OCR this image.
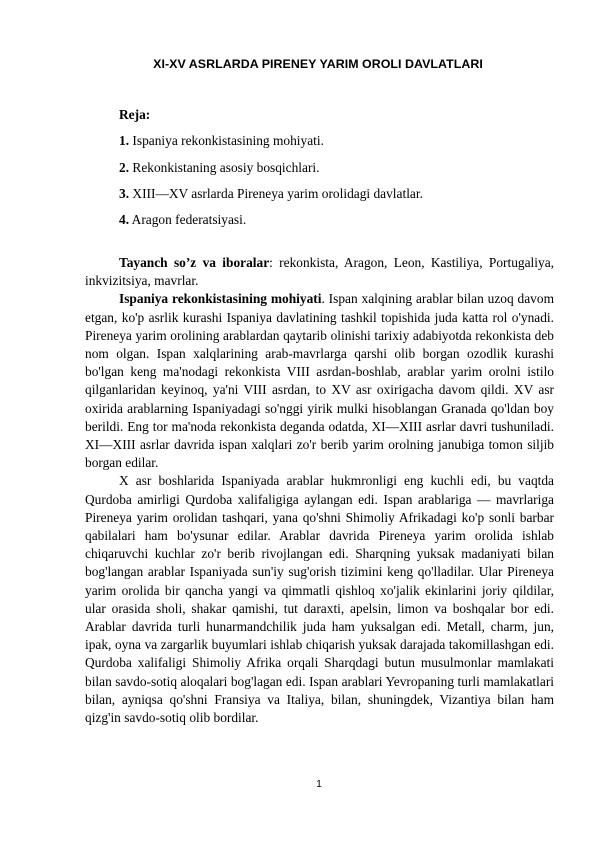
XI-XV ASRLARDA PIRENEY YARIM OROLI DAVLATLARI
Reja:
1. Ispaniya rekonkistasining mohiyati.
2. Rekonkistaning asosiy bosqichlari.
3. XIII—XV asrlarda Pireneya yarim orolidagi davlatlar.
4. Aragon federatsiyasi.

Tayanch so’z va iboralar: rekonkista, Aragon, Leon, Kastiliya, Portugaliya, inkvizitsiya, mavrlar.

Ispaniya rekonkistasining mohiyati. Ispan xalqining arablar bilan uzoq davom etgan, ko'p asrlik kurashi Ispaniya davlatining tashkil topishida juda katta rol o'ynadi. Pireneya yarim orolining arablardan qaytarib olinishi tarixiy adabiyotda rekonkista deb nom olgan. Ispan xalqlarining arab-mavrlarga qarshi olib borgan ozodlik kurashi bo'lgan keng ma'nodagi rekonkista VIII asrdan-boshlab, arablar yarim orolni istilo qilganlaridan keyinoq, ya'ni VIII asrdan, to XV asr oxirigacha davom qildi. XV asr oxirida arablarning Ispaniyadagi so'nggi yirik mulki hisoblangan Granada qo'ldan boy berildi. Eng tor ma'noda rekonkista deganda odatda, XI—XIII asrlar davri tushuniladi. XI—XIII asrlar davrida ispan xalqlari zo'r berib yarim orolning janubiga tomon siljib borgan edilar.

X asr boshlarida Ispaniyada arablar hukmronligi eng kuchli edi, bu vaqtda Qurdoba amirligi Qurdoba xalifaligiga aylangan edi. Ispan arablariga — mavrlariga Pireneya yarim orolidan tashqari, yana qo'shni Shimoliy Afrikadagi ko'p sonli barbar qabilalari ham bo'ysunar edilar. Arablar davrida Pireneya yarim orolida ishlab chiqaruvchi kuchlar zo'r berib rivojlangan edi. Sharqning yuksak madaniyati bilan bog'langan arablar Ispaniyada sun'iy sug'orish tizimini keng qo'lladilar. Ular Pireneya yarim orolida bir qancha yangi va qimmatli qishloq xo'jalik ekinlarini joriy qildilar, ular orasida sholi, shakar qamishi, tut daraxti, apelsin, limon va boshqalar bor edi. Arablar davrida turli hunarmandchilik juda ham yuksalgan edi. Metall, charm, jun, ipak, oyna va zargarlik buyumlari ishlab chiqarish yuksak darajada takomillashgan edi. Qurdoba xalifaligi Shimoliy Afrika orqali Sharqdagi butun musulmonlar mamlakati bilan savdo-sotiq aloqalari bog'lagan edi. Ispan arablari Yevropaning turli mamlakatlari bilan, ayniqsa qo'shni Fransiya va Italiya, bilan, shuningdek, Vizantiya bilan ham qizg'in savdo-sotiq olib bordilar.

1
